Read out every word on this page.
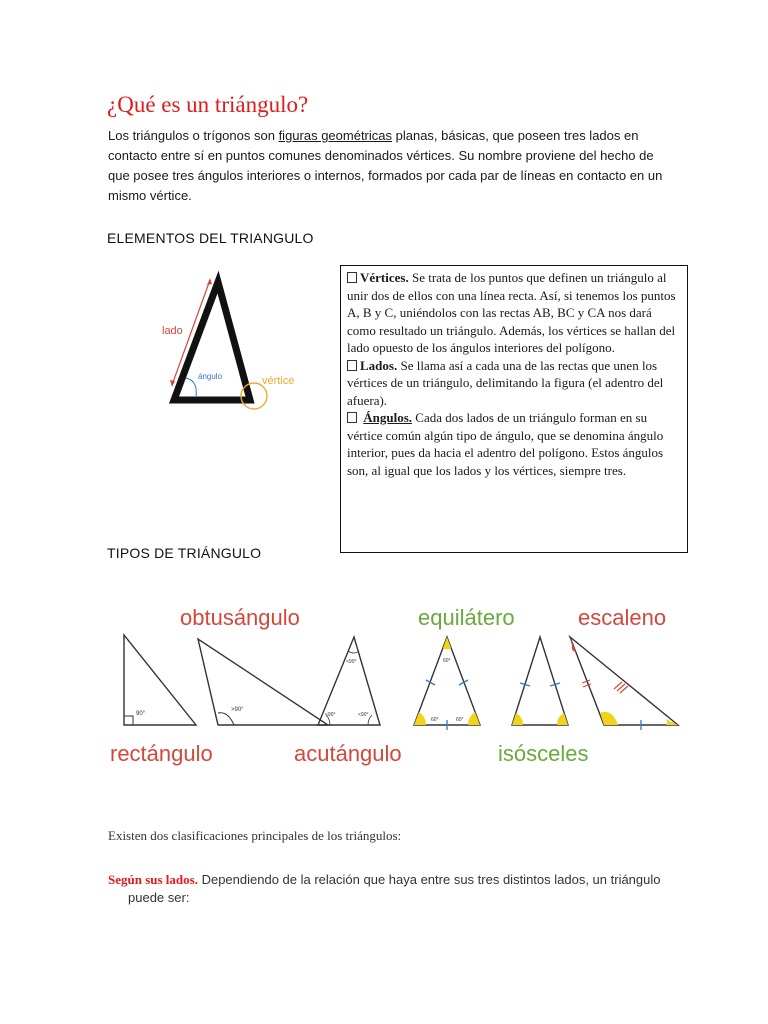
¿Qué es un triángulo?
Los triángulos o trígonos son figuras geométricas planas, básicas, que poseen tres lados en contacto entre sí en puntos comunes denominados vértices. Su nombre proviene del hecho de que posee tres ángulos interiores o internos, formados por cada par de líneas en contacto en un mismo vértice.
ELEMENTOS DEL TRIANGULO
lado
ángulo	vértice

Vértices. Se trata de los puntos que definen un triángulo al unir dos de ellos con una línea recta. Así, si tenemos los puntos A, B y C, uniéndolos con las rectas AB, BC y CA nos dará como resultado un triángulo. Además, los vértices se hallan del lado opuesto de los ángulos interiores del polígono.

Lados. Se llama así a cada una de las rectas que unen los vértices de un triángulo, delimitando la figura (el adentro del afuera).

Ángulos. Cada dos lados de un triángulo forman en su vértice común algún tipo de ángulo, que se denomina ángulo interior, pues da hacia el adentro del polígono. Estos ángulos son, al igual que los lados y los vértices, siempre tres.

TIPOS DE TRIÁNGULO
obtusángulo	equilátero	escaleno
90°
>90°
<90°
<90°	<90°
60°
60°	60°
rectángulo	acutángulo	isósceles
Existen dos clasificaciones principales de los triángulos:
Según sus lados. Dependiendo de la relación que haya entre sus tres distintos lados, un triángulo
puede ser:
